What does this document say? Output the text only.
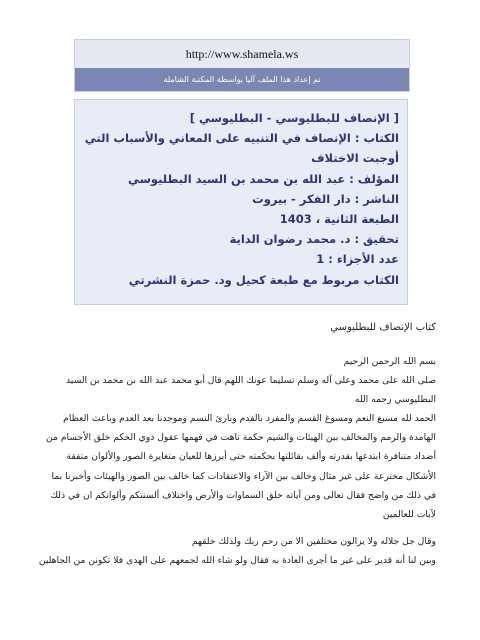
http://www.shamela.ws
تم إعداد هذا الملف آليا بواسطة المكتبة الشاملة
[ الإنصاف للبطليوسي - البطليوسي ]
الكتاب : الإنصاف في التنبيه على المعاني والأسباب التي أوجبت الاختلاف
المؤلف : عبد الله بن محمد بن السيد البطليوسي
الناشر : دار الفكر - بيروت
الطبعة الثانية ، 1403
تحقيق : د. محمد رضوان الداية
عدد الأجزاء : 1
الكتاب مربوط مع طبعة كحيل ود. حمزة النشرتي

كتاب الإنصاف للبطليوسي

بسم الله الرحمن الرحيم

صلى الله على محمد وعلى آله وسلم تسليما عونك اللهم قال أبو محمد عبد الله بن محمد بن السيد البطليوسي رحمه الله

الحمد لله مسبغ النعم ومسوغ القسم والمفرد بالقدم وبارئ النسم وموجدنا بعد العدم وباعث العظام الهامدة والرمم والمخالف بين الهيئات والشيم حكمة تاهت في فهمها عقول ذوي الحكم خلق الأجسام من أضداد متنافرة ابتدعها بقدرته وألف بقائلتها بحكمته حتى أبرزها للعيان متغايرة الصور والألوان متفقة الأشكال مخترعة على غير مثال وخالف بين الآراء والاعتقادات كما خالف بين الصور والهيئات وأخبرنا بما في ذلك من واضح فقال تعالى ومن آياته خلق السماوات والأرض واختلاف ألسنتكم وألوانكم ان في ذلك لآيات للعالمين

وقال جل جلاله ولا يزالون مختلفين الا من رحم ربك ولذلك خلقهم

وبين لنا أنه قدير على غير ما أجرى العادة به فقال ولو شاء الله لجمعهم على الهدى فلا تكونن من الجاهلين
